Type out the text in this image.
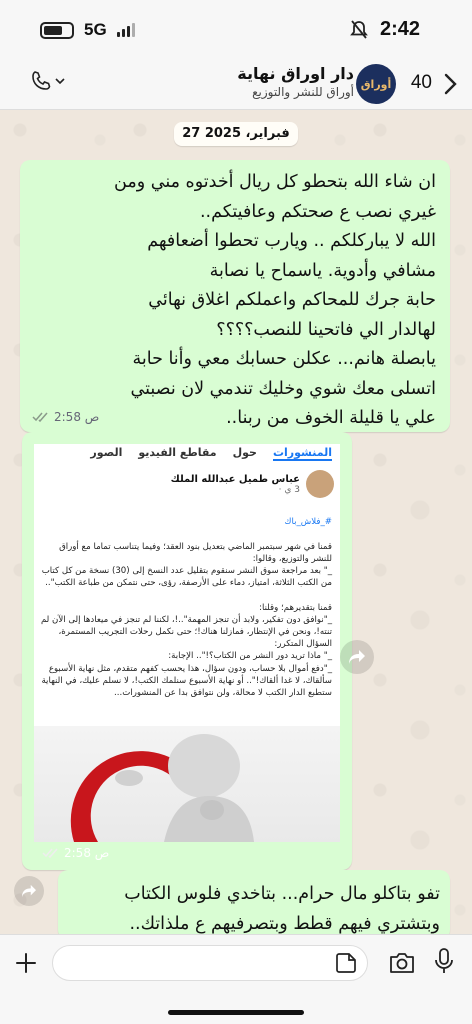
5G	2:42
دار اوراق نهاية
أوراق للنشر والتوزيع
أوراق 40
27 فبراير، 2025
ان شاء الله بتحطو كل ريال أخدتوه مني ومن
غيري نصب ع صحتكم وعافيتكم..
الله لا يباركلكم .. ويارب تحطوا أضعافهم
مشافي وأدوية. ياسماح يا نصابة
حابة جرك للمحاكم واعملكم اغلاق نهائي
لهالدار الي فاتحينا للنصب؟؟؟؟
يابصلة هانم... عكلن حسابك معي وأنا حابة
اتسلى معك شوي وخليك تندمي لان نصبتي
علي يا قليلة الخوف من ربنا..
2:58 ص
المنشورات
حول
مقاطع الفيديو
الصور
عباس طميل عبدالله الملك
3 ي ·

#_فلاش_باك

قمنا في شهر سبتمبر الماضي بتعديل بنود العقد؛ وفيما يتناسب تماما مع أوراق للنشر والتوزيع، وقالوا:
_" بعد مراجعة سوق النشر سنقوم بتقليل عدد النسخ إلى (30) نسخة من كل كتاب من الكتب الثلاثة، امتياز، دماء على الأرصفة، رؤى، حتى نتمكن من طباعة الكتب"..

قمنا بتقديرهم؛ وقلنا:
_"نوافق دون تفكير، ولابد أن تنجز المهمة"..!، لكننا لم تنجز في ميعادها إلى الآن لم تنته!، ونحن في الإنتظار، فمازلنا هناك!؛ حتى نكمل رحلات التجريب المستمرة، السؤال المتكرر:
_" ماذا تريد دور النشر من الكتاب؟!".. الإجابة:
_"دفع أموال بلا حساب، ودون سؤال، هذا يحسب كفهم متقدم، مثل نهاية الأسبوع سألقاك، لا غدا ألقاك!".. أو نهاية الأسبوع سنلمك الكتب!، لا نسلم عليك، في النهاية ستطبع الدار الكتب لا محالة، ولن نتوافق بدا عن المنشورات...

2:58 ص
تفو بتاكلو مال حرام... بتاخدي فلوس الكتاب
وبتشتري فيهم قطط وبتصرفيهم ع ملذاتك..
